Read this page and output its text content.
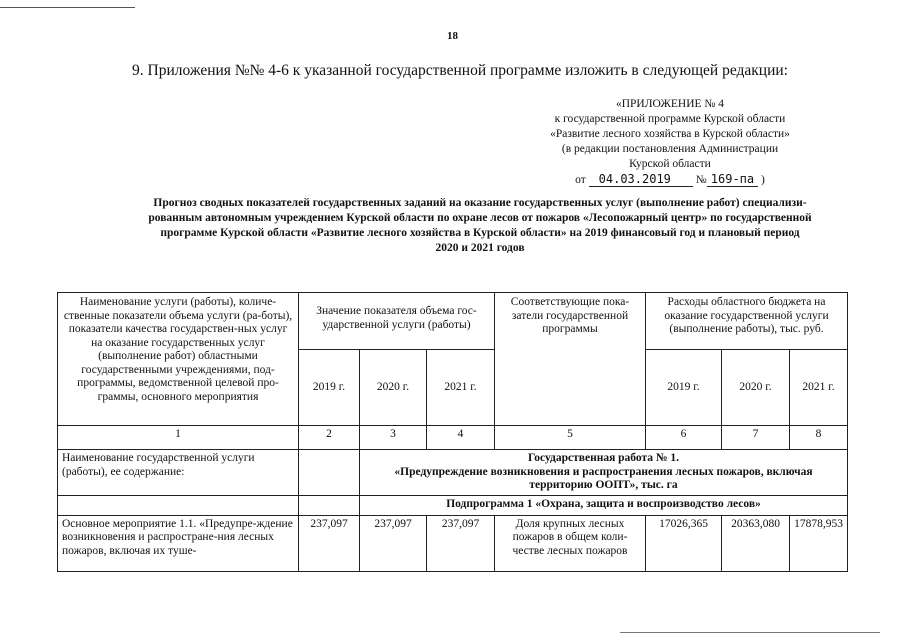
18
9. Приложения №№ 4-6 к указанной государственной программе изложить в следующей редакции:
«ПРИЛОЖЕНИЕ № 4
к государственной программе Курской области
«Развитие лесного хозяйства в Курской области»
(в редакции постановления Администрации
Курской области
от 04.03.2019 № 169-па )
Прогноз сводных показателей государственных заданий на оказание государственных услуг (выполнение работ) специализи-
рованным автономным учреждением Курской области по охране лесов от пожаров «Лесопожарный центр» по государственной
программе Курской области «Развитие лесного хозяйства в Курской области» на 2019 финансовый год и плановый период
2020 и 2021 годов
Наименование услуги (работы), количе-ственные показатели объема услуги (ра-боты), показатели качества государствен-ных услуг на оказание государственных услуг (выполнение работ) областными государственными учреждениями, под-программы, ведомственной целевой про-граммы, основного мероприятия	Значение показателя объема гос-ударственной услуги (работы)			Соответствующие пока-затели государственной программы	Расходы областного бюджета на оказание государственной услуги (выполнение работы), тыс. руб.		
	2019 г.	2020 г.	2021 г.		2019 г.	2020 г.	2021 г.
1	2	3	4	5	6	7	8
Наименование государственной услуги (работы), ее содержание:		Государственная работа № 1.
«Предупреждение возникновения и распространения лесных пожаров, включая территорию ООПТ», тыс. га					

		Подпрограмма 1 «Охрана, защита и воспроизводство лесов»					
Основное мероприятие 1.1. «Предупре-ждение возникновения и распростране-ния лесных пожаров, включая их туше-	237,097	237,097	237,097	Доля крупных лесных пожаров в общем коли-честве лесных пожаров	17026,365	20363,080	17878,953
